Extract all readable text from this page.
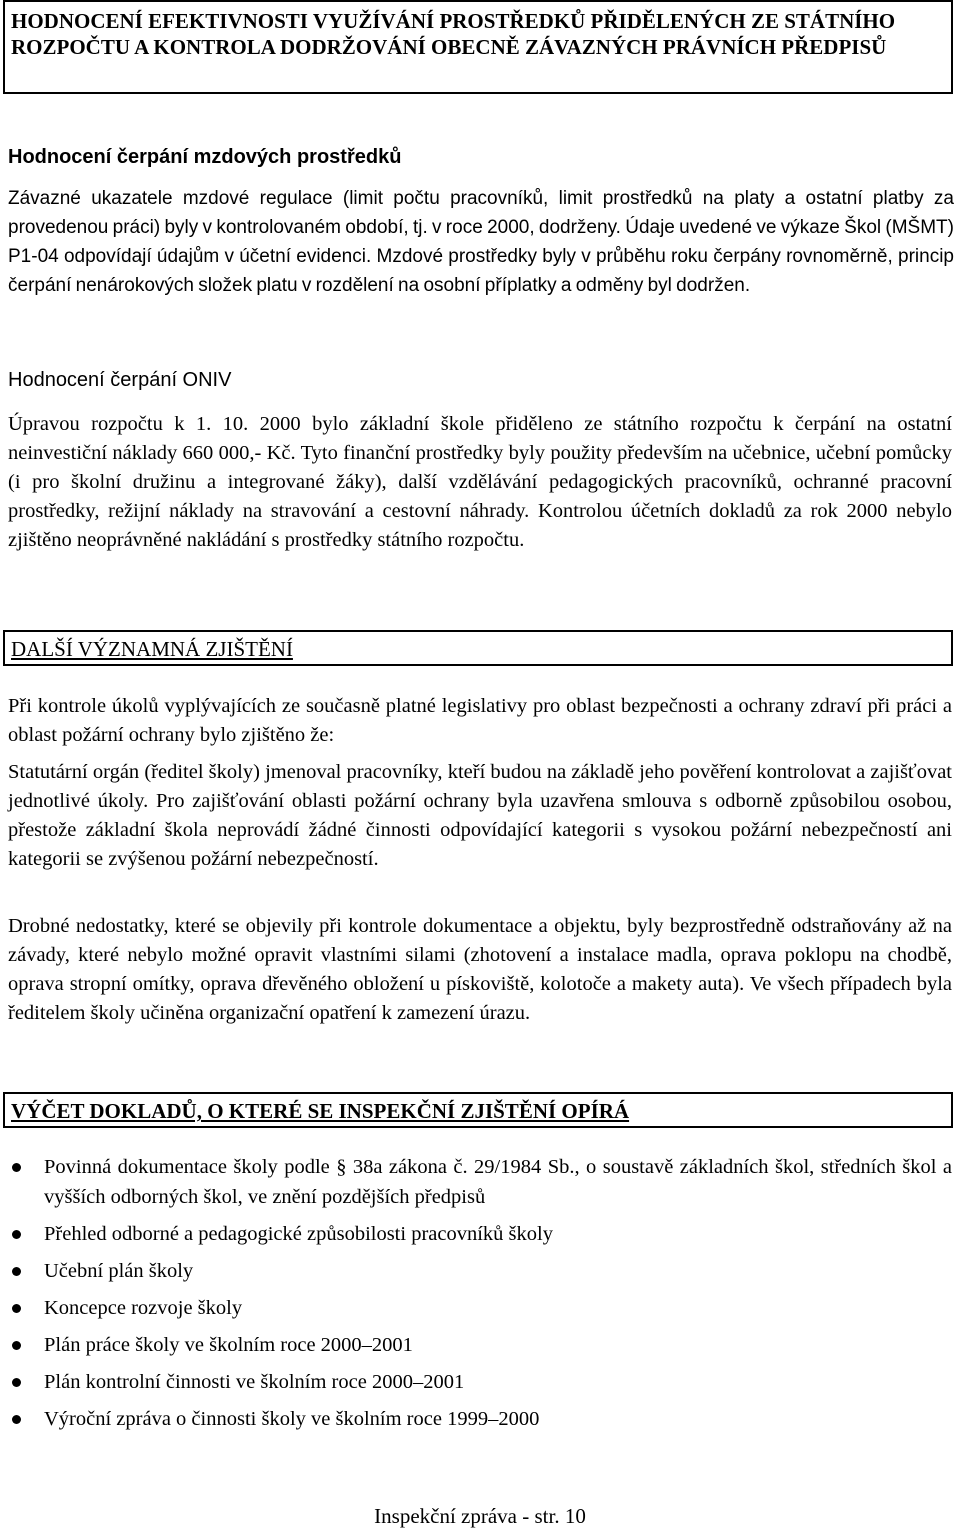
HODNOCENÍ EFEKTIVNOSTI VYUŽÍVÁNÍ PROSTŘEDKŮ PŘIDĚLENÝCH ZE STÁTNÍHO ROZPOČTU A KONTROLA DODRŽOVÁNÍ OBECNĚ ZÁVAZNÝCH PRÁVNÍCH PŘEDPISŮ

Hodnocení čerpání mzdových prostředků

Závazné ukazatele mzdové regulace (limit počtu pracovníků, limit prostředků na platy a ostatní platby za provedenou práci) byly v kontrolovaném období, tj. v roce 2000, dodrženy. Údaje uvedené ve výkaze Škol (MŠMT) P1-04 odpovídají údajům v účetní evidenci. Mzdové prostředky byly v průběhu roku čerpány rovnoměrně, princip čerpání nenárokových složek platu v rozdělení na osobní příplatky a odměny byl dodržen.

Hodnocení čerpání ONIV

Úpravou rozpočtu k 1. 10. 2000 bylo základní škole přiděleno ze státního rozpočtu k čerpání na ostatní neinvestiční náklady 660 000,- Kč. Tyto finanční prostředky byly použity především na učebnice, učební pomůcky (i pro školní družinu a integrované žáky), další vzdělávání pedagogických pracovníků, ochranné pracovní prostředky, režijní náklady na stravování a cestovní náhrady. Kontrolou účetních dokladů za rok 2000 nebylo zjištěno neoprávněné nakládání s prostředky státního rozpočtu.

DALŠÍ VÝZNAMNÁ ZJIŠTĚNÍ

Při kontrole úkolů vyplývajících ze současně platné legislativy pro oblast bezpečnosti a ochrany zdraví při práci a oblast požární ochrany bylo zjištěno že:

Statutární orgán (ředitel školy) jmenoval pracovníky, kteří budou na základě jeho pověření kontrolovat a zajišťovat jednotlivé úkoly. Pro zajišťování oblasti požární ochrany byla uzavřena smlouva s odborně způsobilou osobou, přestože základní škola neprovádí žádné činnosti odpovídající kategorii s vysokou požární nebezpečností ani kategorii se zvýšenou požární nebezpečností.

Drobné nedostatky, které se objevily při kontrole dokumentace a objektu, byly bezprostředně odstraňovány až na závady, které nebylo možné opravit vlastními silami (zhotovení a instalace madla, oprava poklopu na chodbě, oprava stropní omítky, oprava dřevěného obložení u pískoviště, kolotoče a makety auta). Ve všech případech byla ředitelem školy učiněna organizační opatření k zamezení úrazu.

VÝČET DOKLADŮ, O KTERÉ SE INSPEKČNÍ ZJIŠTĚNÍ OPÍRÁ
Povinná dokumentace školy podle § 38a zákona č. 29/1984 Sb., o soustavě základních škol, středních škol a vyšších odborných škol, ve znění pozdějších předpisů
Přehled odborné a pedagogické způsobilosti pracovníků školy
Učební plán školy
Koncepce rozvoje školy
Plán práce školy ve školním roce 2000–2001
Plán kontrolní činnosti ve školním roce 2000–2001
Výroční zpráva o činnosti školy ve školním roce 1999–2000
Inspekční zpráva - str. 10
